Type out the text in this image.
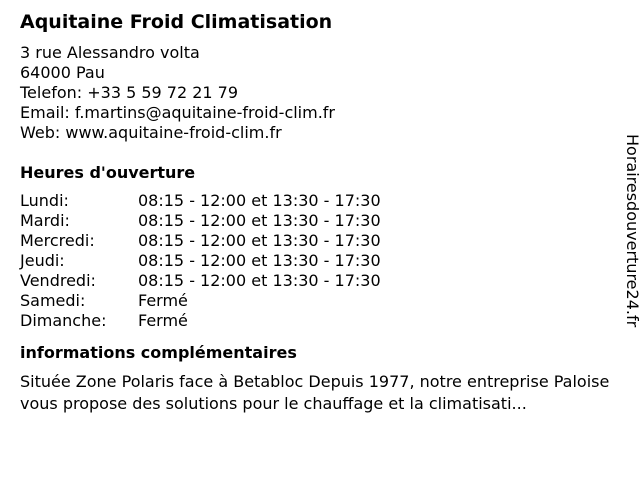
Aquitaine Froid Climatisation
3 rue Alessandro volta
64000 Pau
Telefon: +33 5 59 72 21 79
Email: f.martins@aquitaine-froid-clim.fr
Web: www.aquitaine-froid-clim.fr
Heures d'ouverture
Lundi:	08:15 - 12:00 et 13:30 - 17:30
Mardi:	08:15 - 12:00 et 13:30 - 17:30
Mercredi:	08:15 - 12:00 et 13:30 - 17:30
Jeudi:	08:15 - 12:00 et 13:30 - 17:30
Vendredi:	08:15 - 12:00 et 13:30 - 17:30
Samedi:	Fermé
Dimanche:	Fermé
informations complémentaires
Située Zone Polaris face à Betabloc Depuis 1977, notre entreprise Paloise vous propose des solutions pour le chauffage et la climatisati...
Horairesdouverture24.fr
